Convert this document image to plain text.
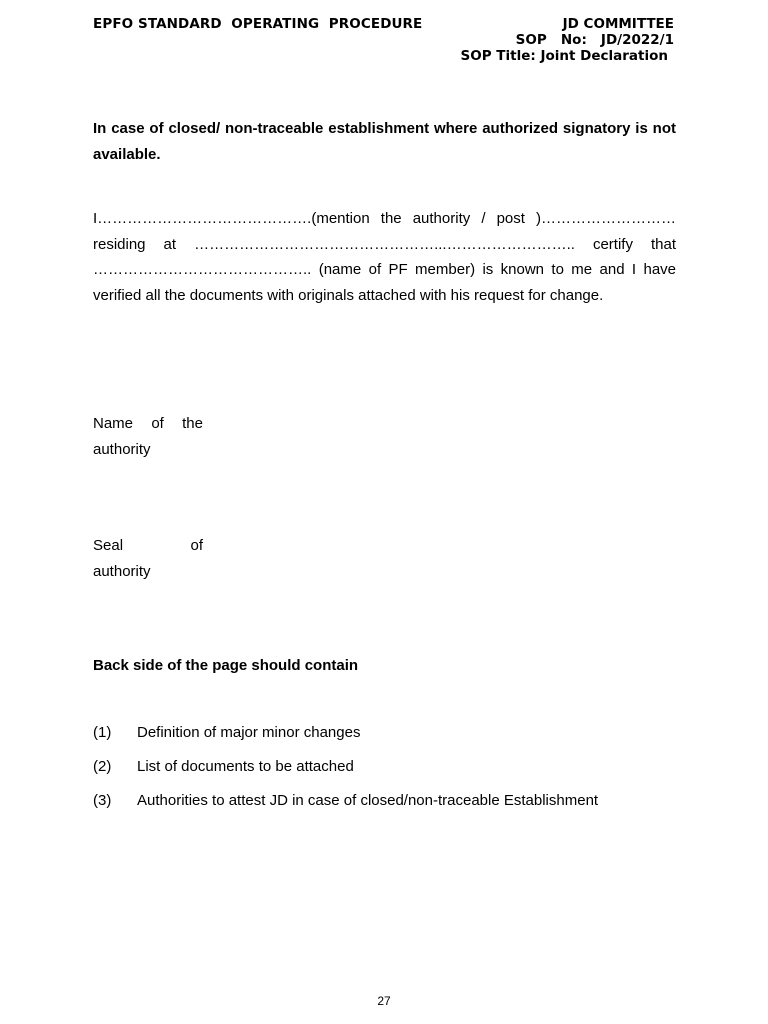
EPFO STANDARD  OPERATING  PROCEDURE	JD COMMITTEE
SOP   No:   JD/2022/1
SOP Title: Joint Declaration
In case of closed/ non-traceable establishment where authorized signatory is not available.
I…………………………………….(mention the authority / post )………………………
residing at …………………………………………...…………………….. certify that
…………………………………….. (name of PF member) is known to me and I have
verified all the documents with originals attached with his request for change.
Name of the
authority
Seal	of
authority
Back side of the page should contain
(1)	Definition of major minor changes
(2)	List of documents to be attached
(3)	Authorities to attest JD in case of closed/non-traceable Establishment
27
